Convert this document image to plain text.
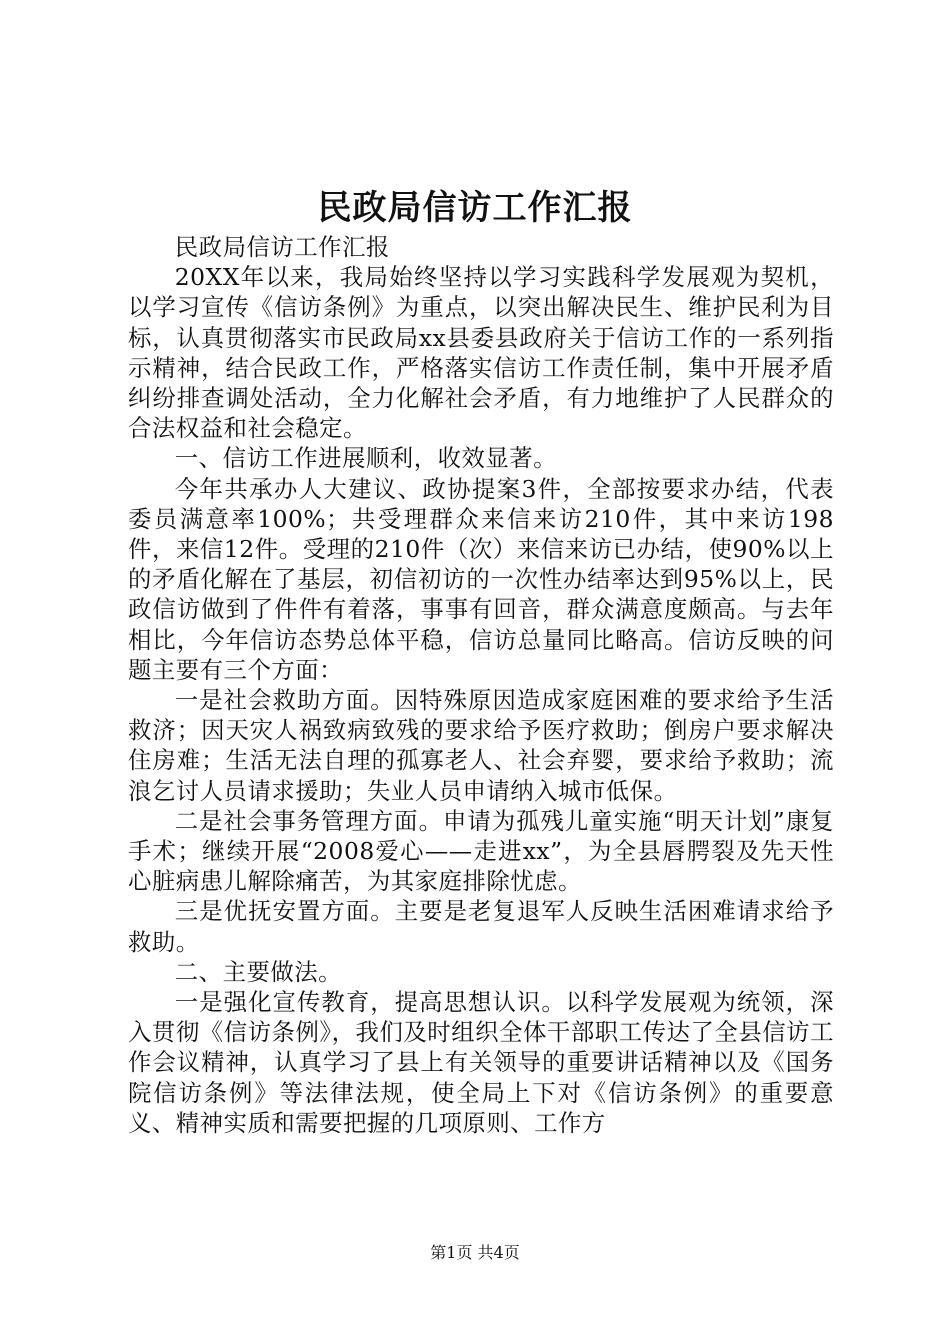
民政局信访工作汇报

民政局信访工作汇报

20XX年以来，我局始终坚持以学习实践科学发展观为契机，以学习宣传《信访条例》为重点，以突出解决民生、维护民利为目标，认真贯彻落实市民政局xx县委县政府关于信访工作的一系列指示精神，结合民政工作，严格落实信访工作责任制，集中开展矛盾纠纷排查调处活动，全力化解社会矛盾，有力地维护了人民群众的合法权益和社会稳定。

一、信访工作进展顺利，收效显著。

今年共承办人大建议、政协提案3件，全部按要求办结，代表委员满意率100%；共受理群众来信来访210件，其中来访198件，来信12件。受理的210件（次）来信来访已办结，使90%以上的矛盾化解在了基层，初信初访的一次性办结率达到95%以上，民政信访做到了件件有着落，事事有回音，群众满意度颇高。与去年相比，今年信访态势总体平稳，信访总量同比略高。信访反映的问题主要有三个方面：

一是社会救助方面。因特殊原因造成家庭困难的要求给予生活救济；因天灾人祸致病致残的要求给予医疗救助；倒房户要求解决住房难；生活无法自理的孤寡老人、社会弃婴，要求给予救助；流浪乞讨人员请求援助；失业人员申请纳入城市低保。

二是社会事务管理方面。申请为孤残儿童实施“明天计划”康复手术；继续开展“2008爱心——走进xx”，为全县唇腭裂及先天性心脏病患儿解除痛苦，为其家庭排除忧虑。

三是优抚安置方面。主要是老复退军人反映生活困难请求给予救助。

二、主要做法。

一是强化宣传教育，提高思想认识。以科学发展观为统领，深入贯彻《信访条例》，我们及时组织全体干部职工传达了全县信访工作会议精神，认真学习了县上有关领导的重要讲话精神以及《国务院信访条例》等法律法规，使全局上下对《信访条例》的重要意义、精神实质和需要把握的几项原则、工作方

第1页 共4页
